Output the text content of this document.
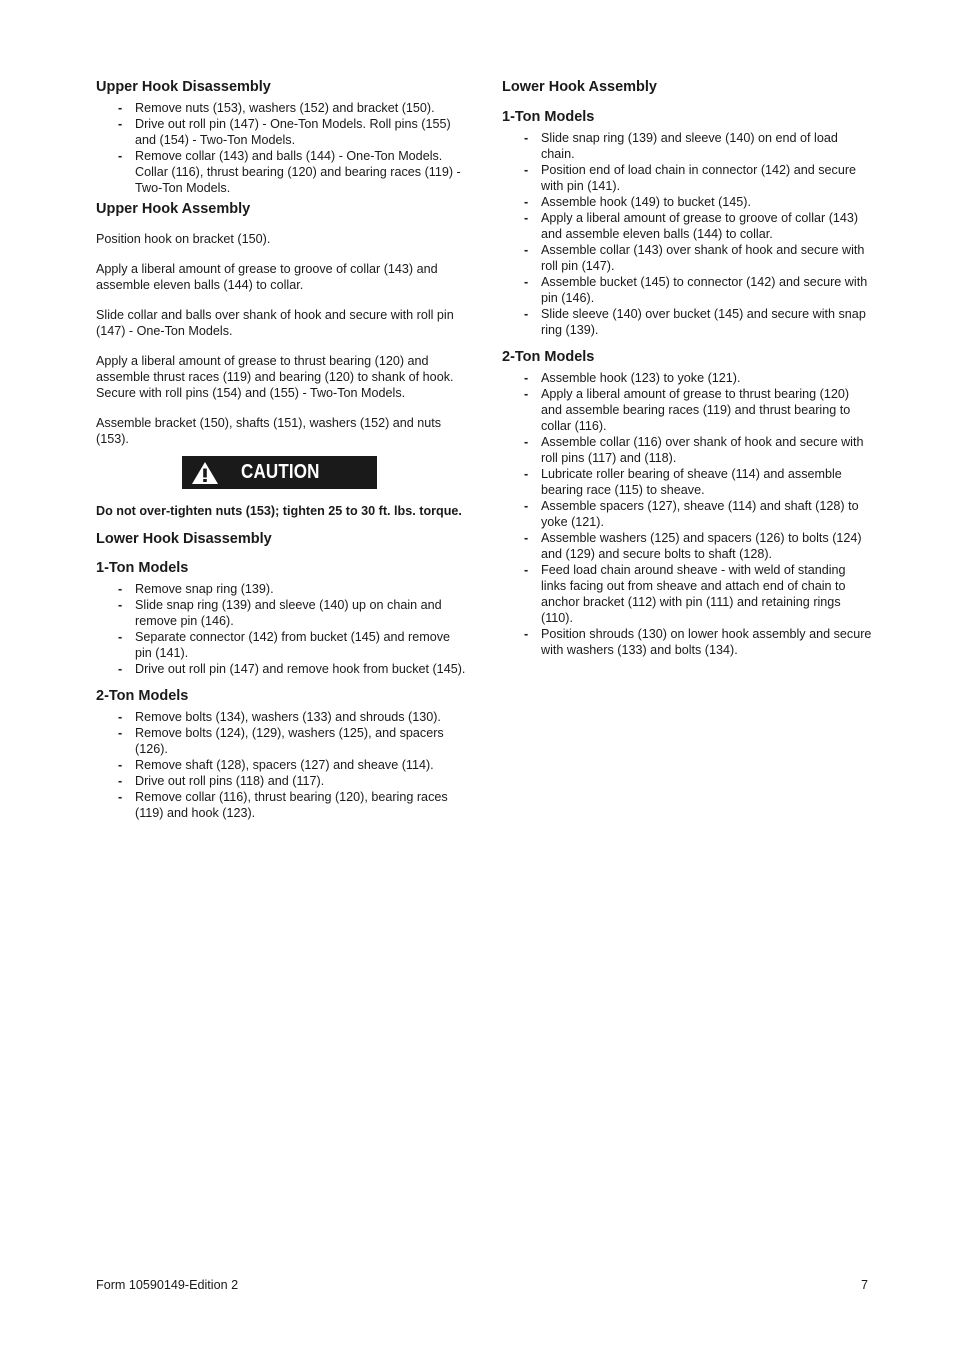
Upper Hook Disassembly
- Remove nuts (153), washers (152) and bracket (150).
- Drive out roll pin (147) - One-Ton Models. Roll pins (155) and (154) - Two-Ton Models.
- Remove collar (143) and balls (144) - One-Ton Models. Collar (116), thrust bearing (120) and bearing races (119) - Two-Ton Models.
Upper Hook Assembly

Position hook on bracket (150).

Apply a liberal amount of grease to groove of collar (143) and assemble eleven balls (144) to collar.

Slide collar and balls over shank of hook and secure with roll pin (147) - One-Ton Models.

Apply a liberal amount of grease to thrust bearing (120) and assemble thrust races (119) and bearing (120) to shank of hook. Secure with roll pins (154) and (155) - Two-Ton Models.

Assemble bracket (150), shafts (151), washers (152) and nuts (153).

CAUTION

Do not over-tighten nuts (153); tighten 25 to 30 ft. lbs. torque.

Lower Hook Disassembly
1-Ton Models
- Remove snap ring (139).
- Slide snap ring (139) and sleeve (140) up on chain and remove pin (146).
- Separate connector (142) from bucket (145) and remove pin (141).
- Drive out roll pin (147) and remove hook from bucket (145).
2-Ton Models
- Remove bolts (134), washers (133) and shrouds (130).
- Remove bolts (124), (129), washers (125), and spacers (126).
- Remove shaft (128), spacers (127) and sheave (114).
- Drive out roll pins (118) and (117).
- Remove collar (116), thrust bearing (120), bearing races (119) and hook (123).
Lower Hook Assembly
1-Ton Models
- Slide snap ring (139) and sleeve (140) on end of load chain.
- Position end of load chain in connector (142) and secure with pin (141).
- Assemble hook (149) to bucket (145).
- Apply a liberal amount of grease to groove of collar (143) and assemble eleven balls (144) to collar.
- Assemble collar (143) over shank of hook and secure with roll pin (147).
- Assemble bucket (145) to connector (142) and secure with pin (146).
- Slide sleeve (140) over bucket (145) and secure with snap ring (139).
2-Ton Models
- Assemble hook (123) to yoke (121).
- Apply a liberal amount of grease to thrust bearing (120) and assemble bearing races (119) and thrust bearing to collar (116).
- Assemble collar (116) over shank of hook and secure with roll pins (117) and (118).
- Lubricate roller bearing of sheave (114) and assemble bearing race (115) to sheave.
- Assemble spacers (127), sheave (114) and shaft (128) to yoke (121).
- Assemble washers (125) and spacers (126) to bolts (124) and (129) and secure bolts to shaft (128).
- Feed load chain around sheave - with weld of standing links facing out from sheave and attach end of chain to anchor bracket (112) with pin (111) and retaining rings (110).
- Position shrouds (130) on lower hook assembly and secure with washers (133) and bolts (134).
Form 10590149-Edition 2	7
